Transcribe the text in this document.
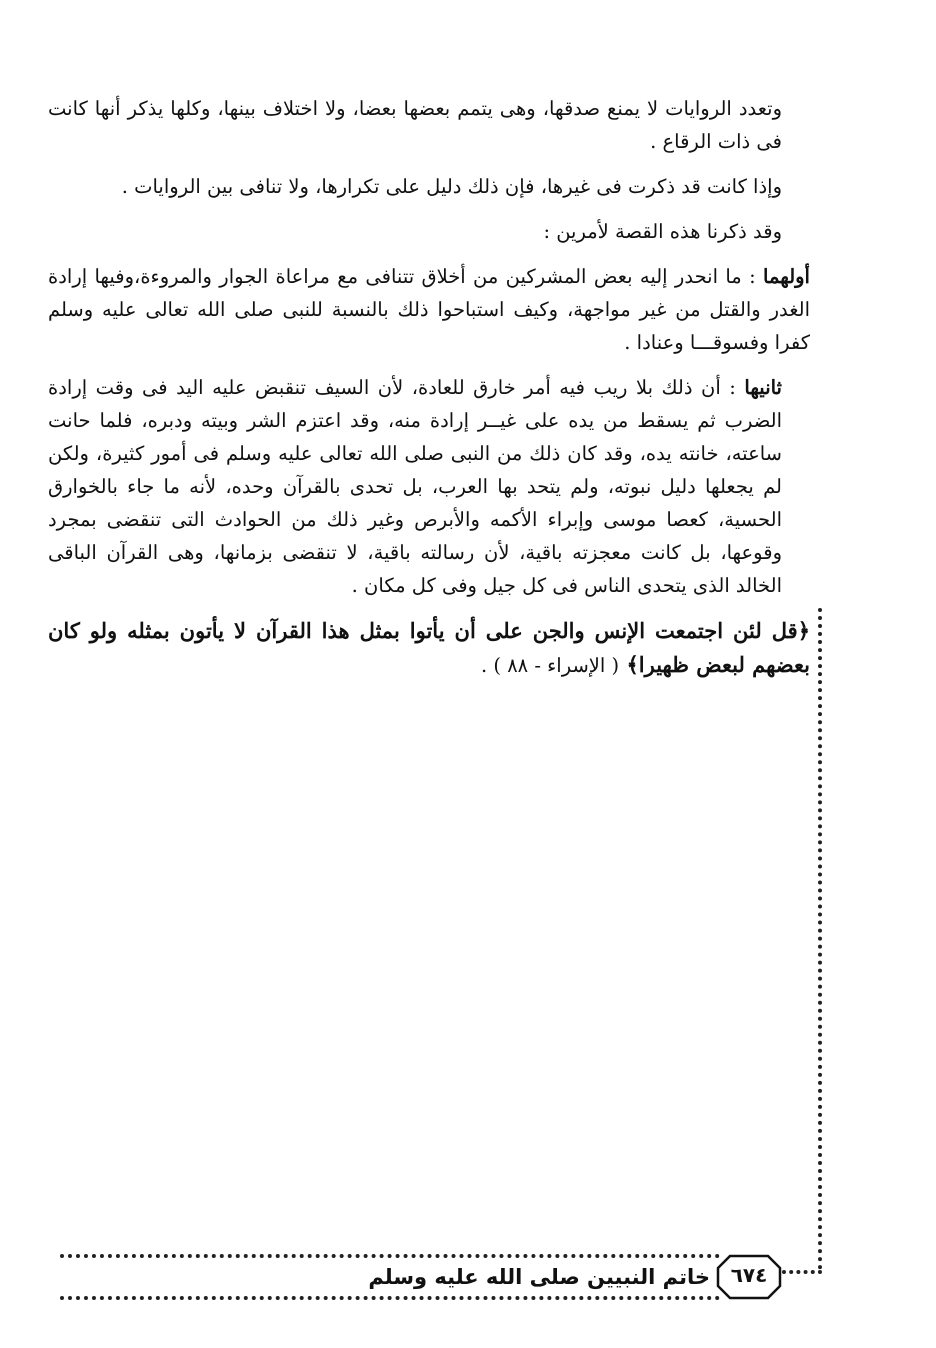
وتعدد الروايات لا يمنع صدقها، وهى يتمم بعضها بعضا، ولا اختلاف بينها، وكلها يذكر أنها كانت فى ذات الرقاع .

وإذا كانت قد ذكرت فى غيرها، فإن ذلك دليل على تكرارها، ولا تنافى بين الروايات .

وقد ذكرنا هذه القصة لأمرين :

أولهما : ما انحدر إليه بعض المشركين من أخلاق تتنافى مع مراعاة الجوار والمروءة،وفيها إرادة الغدر والقتل من غير مواجهة، وكيف استباحوا ذلك بالنسبة للنبى صلى الله تعالى عليه وسلم كفرا وفسوقـــا وعنادا .

ثانيها : أن ذلك بلا ريب فيه أمر خارق للعادة، لأن السيف تنقبض عليه اليد فى وقت إرادة الضرب ثم يسقط من يده على غيــر إرادة منه، وقد اعتزم الشر وبيته ودبره، فلما حانت ساعته، خانته يده، وقد كان ذلك من النبى صلى الله تعالى عليه وسلم فى أمور كثيرة، ولكن لم يجعلها دليل نبوته، ولم يتحد بها العرب، بل تحدى بالقرآن وحده، لأنه ما جاء بالخوارق الحسية، كعصا موسى وإبراء الأكمه والأبرص وغير ذلك من الحوادث التى تنقضى بمجرد وقوعها، بل كانت معجزته باقية، لأن رسالته باقية، لا تنقضى بزمانها، وهى القرآن الباقى الخالد الذى يتحدى الناس فى كل جيل وفى كل مكان .

﴿قل لئن اجتمعت الإنس والجن على أن يأتوا بمثل هذا القرآن لا يأتون بمثله ولو كان بعضهم لبعض ظهيرا﴾ ( الإسراء - ٨٨ ) .

خاتم النبيين صلى الله عليه وسلم	٦٧٤
